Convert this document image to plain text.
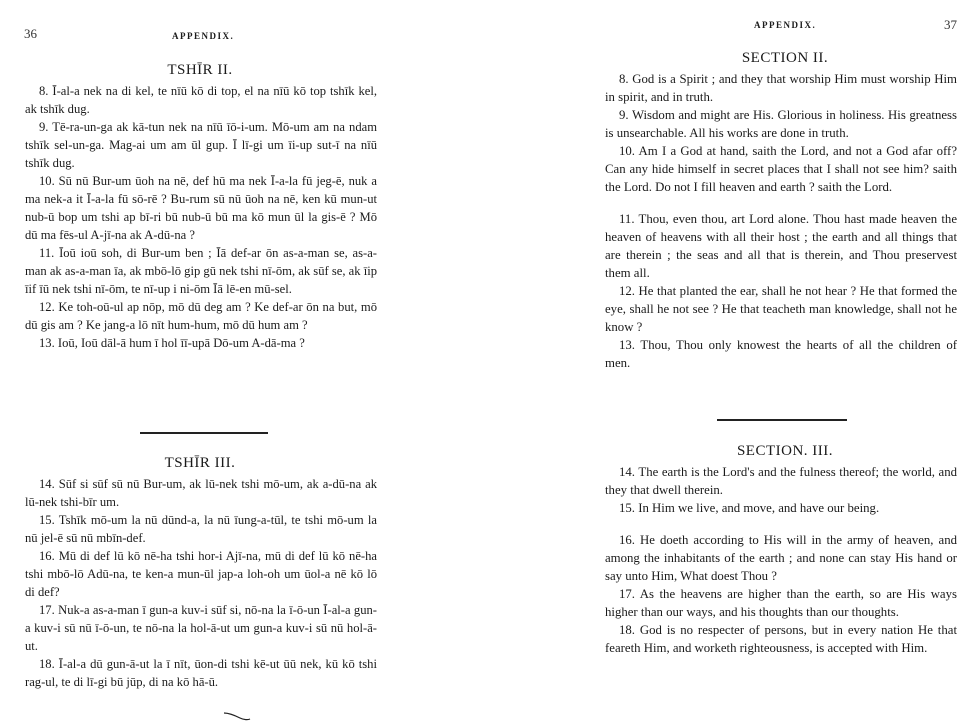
36	APPENDIX.
TSHĪR II.

8. Ī-al-a nek na di kel, te nīū kō di top, el na nīū kō top tshīk kel, ak tshīk dug.

9. Tē-ra-un-ga ak kā-tun nek na nīū īō-i-um. Mō-um am na ndam tshīk sel-un-ga. Mag-ai um am ūl gup. Ī lī-gi um īi-up sut-ī na nīū tshīk dug.

10. Sū nū Bur-um ūoh na nē, def hū ma nek Ī-a-la fū jeg-ē, nuk a ma nek-a it Ī-a-la fū sō-rē ? Bu-rum sū nū ūoh na nē, ken kū mun-ut nub-ū bop um tshi ap bī-ri bū nub-ū bū ma kō mun ūl la gis-ē ? Mō dū ma fēs-ul A-jī-na ak A-dū-na ?

11. Īoū ioū soh, di Bur-um ben ; Īā def-ar ōn as-a-man se, as-a-man ak as-a-man īa, ak mbō-lō gip gū nek tshi nī-ōm, ak sūf se, ak īip īif īū nek tshi nī-ōm, te nī-up i ni-ōm Īā lē-en mū-sel.

12. Ke toh-oū-ul ap nōp, mō dū deg am ? Ke def-ar ōn na but, mō dū gis am ? Ke jang-a lō nīt hum-hum, mō dū hum am ?

13. Ioū, Ioū dāl-ā hum ī hol īī-upā Dō-um A-dā-ma ?

TSHĪR III.

14. Sūf si sūf sū nū Bur-um, ak lū-nek tshi mō-um, ak a-dū-na ak lū-nek tshi-bīr um.

15. Tshīk mō-um la nū dūnd-a, la nū īung-a-tūl, te tshi mō-um la nū jel-ē sū nū mbīn-def.

16. Mū di def lū kō nē-ha tshi hor-i Ajī-na, mū di def lū kō nē-ha tshi mbō-lō Adū-na, te ken-a mun-ūl jap-a loh-oh um ūol-a nē kō lō di def?

17. Nuk-a as-a-man ī gun-a kuv-i sūf si, nō-na la ī-ō-un Ī-al-a gun-a kuv-i sū nū ī-ō-un, te nō-na la hol-ā-ut um gun-a kuv-i sū nū hol-ā-ut.

18. Ī-al-a dū gun-ā-ut la ī nīt, ūon-di tshi kē-ut ūū nek, kū kō tshi rag-ul, te di lī-gi bū jūp, di na kō hā-ū.

APPENDIX.	37
SECTION II.

8. God is a Spirit ; and they that worship Him must worship Him in spirit, and in truth.

9. Wisdom and might are His. Glorious in holiness. His greatness is unsearchable. All his works are done in truth.

10. Am I a God at hand, saith the Lord, and not a God afar off? Can any hide himself in secret places that I shall not see him? saith the Lord. Do not I fill heaven and earth ? saith the Lord.

11. Thou, even thou, art Lord alone. Thou hast made heaven the heaven of heavens with all their host ; the earth and all things that are therein ; the seas and all that is therein, and Thou preservest them all.

12. He that planted the ear, shall he not hear ? He that formed the eye, shall he not see ? He that teacheth man knowledge, shall not he know ?

13. Thou, Thou only knowest the hearts of all the children of men.

SECTION. III.

14. The earth is the Lord's and the fulness thereof; the world, and they that dwell therein.

15. In Him we live, and move, and have our being.

16. He doeth according to His will in the army of heaven, and among the inhabitants of the earth ; and none can stay His hand or say unto Him, What doest Thou ?

17. As the heavens are higher than the earth, so are His ways higher than our ways, and his thoughts than our thoughts.

18. God is no respecter of persons, but in every nation He that feareth Him, and worketh righteousness, is accepted with Him.
